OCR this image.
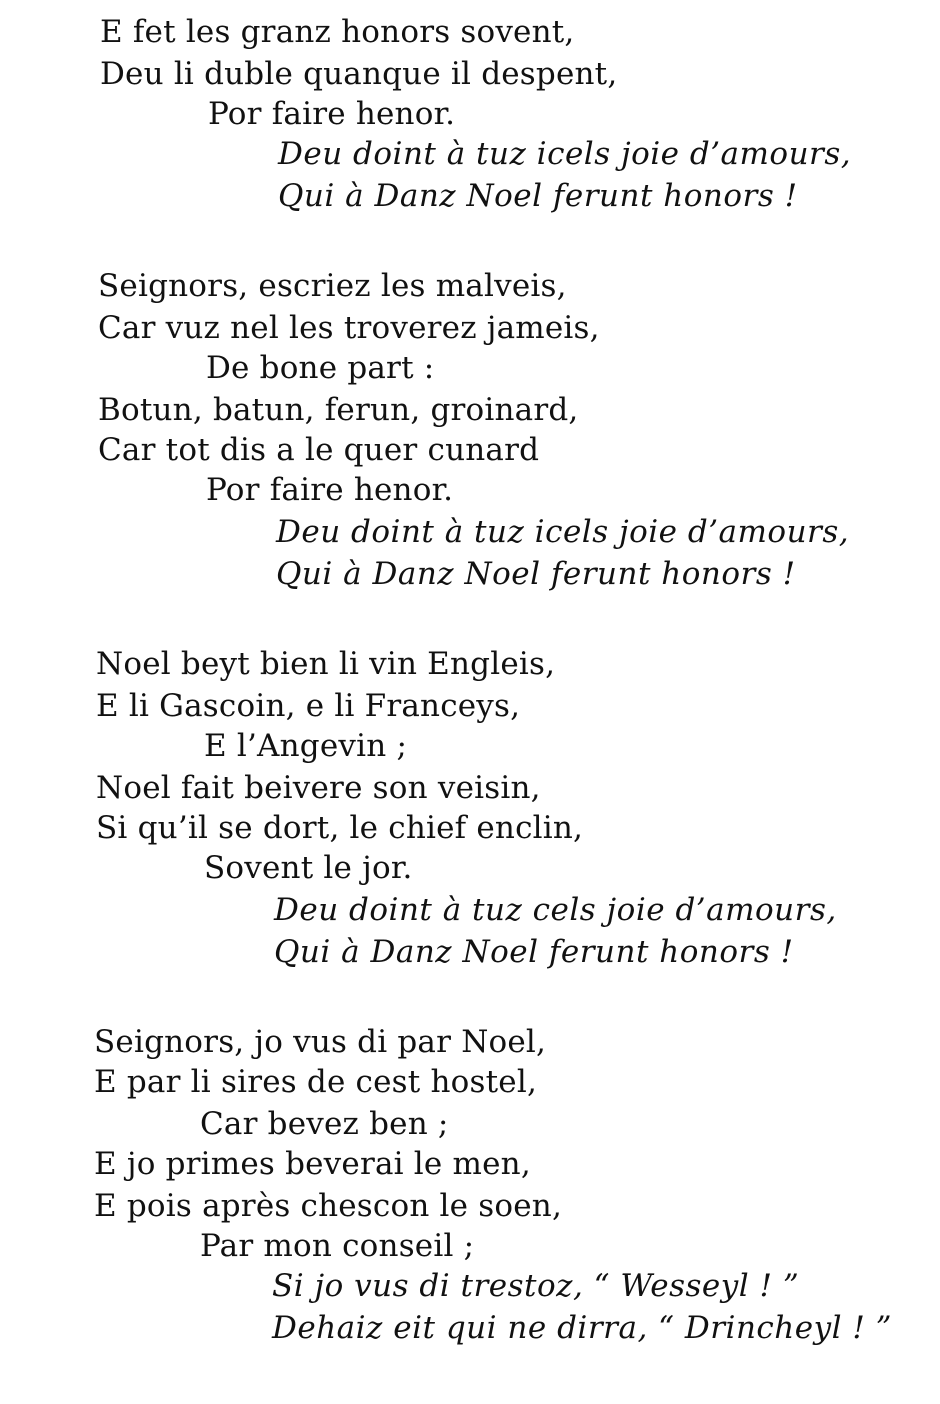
E fet les granz honors sovent,
Deu li duble quanque il despent,
Por faire henor.
Deu doint à tuz icels joie d’amours,
Qui à Danz Noel ferunt honors !
Seignors, escriez les malveis,
Car vuz nel les troverez jameis,
De bone part :
Botun, batun, ferun, groinard,
Car tot dis a le quer cunard
Por faire henor.
Deu doint à tuz icels joie d’amours,
Qui à Danz Noel ferunt honors !
Noel beyt bien li vin Engleis,
E li Gascoin, e li Franceys,
E l’Angevin ;
Noel fait beivere son veisin,
Si qu’il se dort, le chief enclin,
Sovent le jor.
Deu doint à tuz cels joie d’amours,
Qui à Danz Noel ferunt honors !
Seignors, jo vus di par Noel,
E par li sires de cest hostel,
Car bevez ben ;
E jo primes beverai le men,
E pois après chescon le soen,
Par mon conseil ;
Si jo vus di trestoz, “ Wesseyl ! ”
Dehaiz eit qui ne dirra, “ Drincheyl ! ”
